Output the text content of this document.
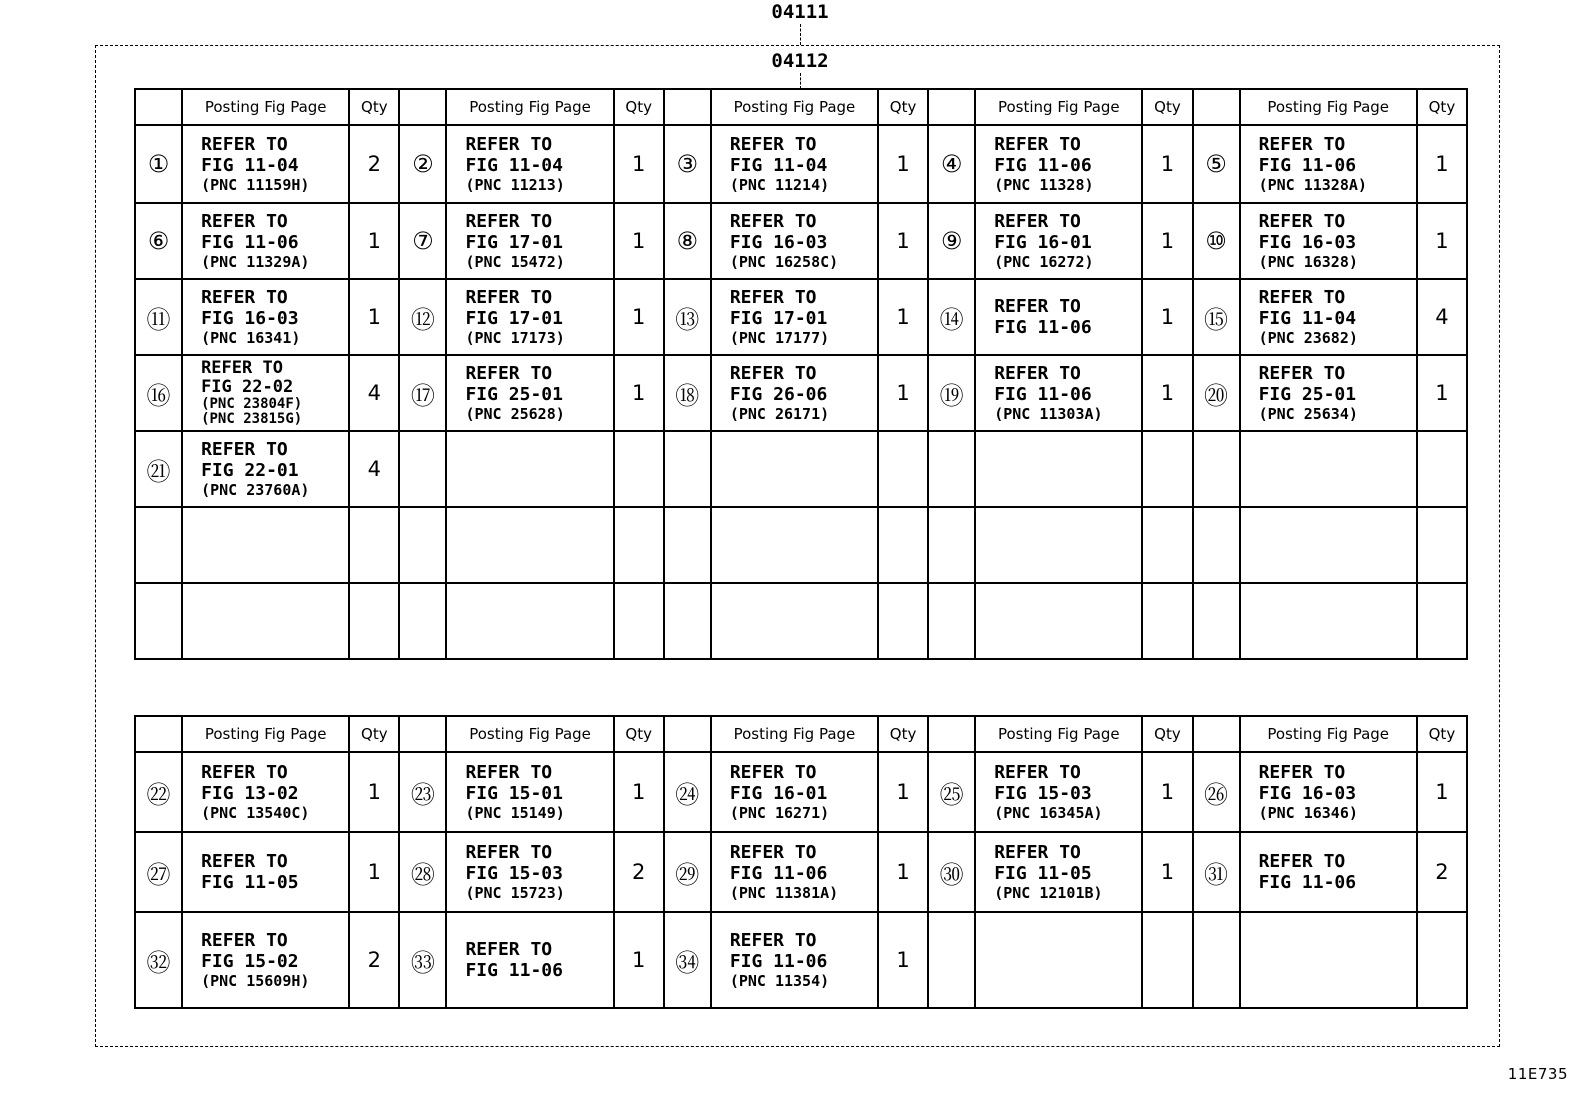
04111
04112
	Posting Fig Page	Qty		Posting Fig Page	Qty		Posting Fig Page	Qty		Posting Fig Page	Qty		Posting Fig Page	Qty
①	REFER TO
FIG 11-04
(PNC 11159H)	2	②	REFER TO
FIG 11-04
(PNC 11213)	1	③	REFER TO
FIG 11-04
(PNC 11214)	1	④	REFER TO
FIG 11-06
(PNC 11328)	1	⑤	REFER TO
FIG 11-06
(PNC 11328A)	1
⑥	REFER TO
FIG 11-06
(PNC 11329A)	1	⑦	REFER TO
FIG 17-01
(PNC 15472)	1	⑧	REFER TO
FIG 16-03
(PNC 16258C)	1	⑨	REFER TO
FIG 16-01
(PNC 16272)	1	⑩	REFER TO
FIG 16-03
(PNC 16328)	1
⑪	REFER TO
FIG 16-03
(PNC 16341)	1	⑫	REFER TO
FIG 17-01
(PNC 17173)	1	⑬	REFER TO
FIG 17-01
(PNC 17177)	1	⑭	REFER TO
FIG 11-06	1	⑮	REFER TO
FIG 11-04
(PNC 23682)	4
⑯	REFER TO
FIG 22-02
(PNC 23804F)
(PNC 23815G)	4	⑰	REFER TO
FIG 25-01
(PNC 25628)	1	⑱	REFER TO
FIG 26-06
(PNC 26171)	1	⑲	REFER TO
FIG 11-06
(PNC 11303A)	1	⑳	REFER TO
FIG 25-01
(PNC 25634)	1
㉑	REFER TO
FIG 22-01
(PNC 23760A)	4												

	Posting Fig Page	Qty		Posting Fig Page	Qty		Posting Fig Page	Qty		Posting Fig Page	Qty		Posting Fig Page	Qty
㉒	REFER TO
FIG 13-02
(PNC 13540C)	1	㉓	REFER TO
FIG 15-01
(PNC 15149)	1	㉔	REFER TO
FIG 16-01
(PNC 16271)	1	㉕	REFER TO
FIG 15-03
(PNC 16345A)	1	㉖	REFER TO
FIG 16-03
(PNC 16346)	1
㉗	REFER TO
FIG 11-05	1	㉘	REFER TO
FIG 15-03
(PNC 15723)	2	㉙	REFER TO
FIG 11-06
(PNC 11381A)	1	㉚	REFER TO
FIG 11-05
(PNC 12101B)	1	㉛	REFER TO
FIG 11-06	2
㉜	REFER TO
FIG 15-02
(PNC 15609H)	2	㉝	REFER TO
FIG 11-06	1	㉞	REFER TO
FIG 11-06
(PNC 11354)	1						
11E735
